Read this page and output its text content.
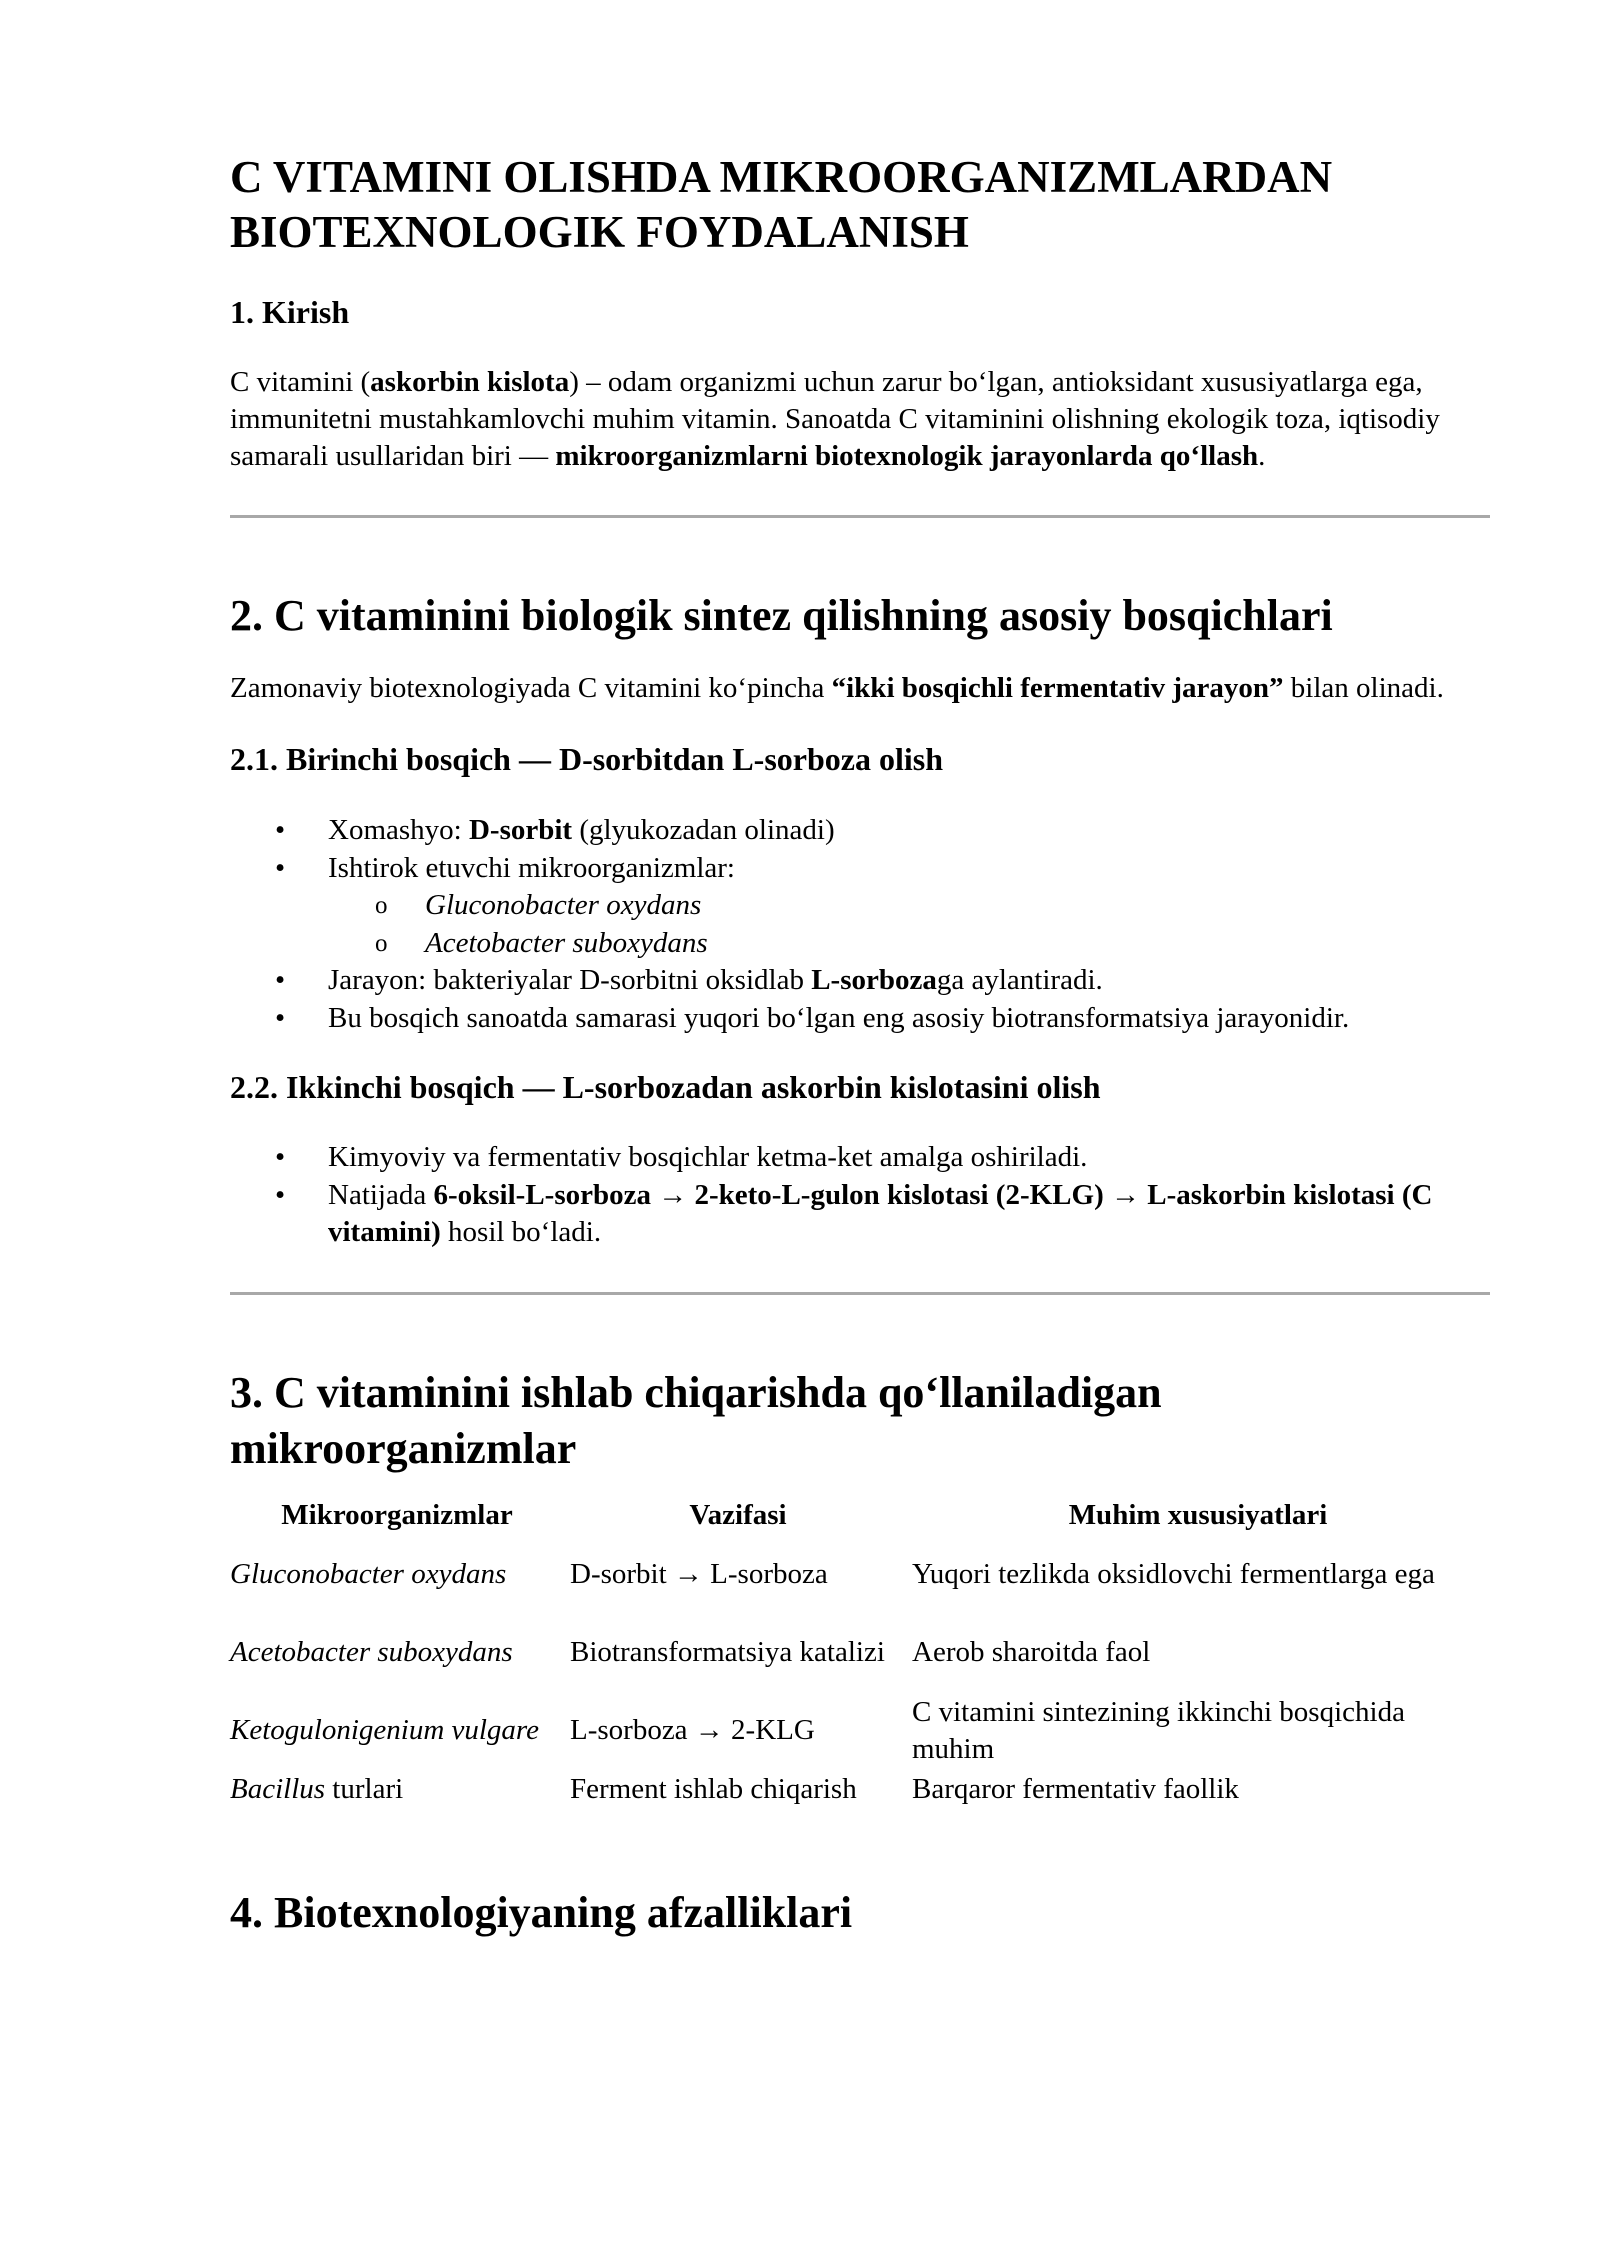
C VITAMINI OLISHDA MIKROORGANIZMLARDAN
BIOTEXNOLOGIK FOYDALANISH
1. Kirish

C vitamini (askorbin kislota) – odam organizmi uchun zarur bo‘lgan, antioksidant xususiyatlarga ega, immunitetni mustahkamlovchi muhim vitamin. Sanoatda C vitaminini olishning ekologik toza, iqtisodiy samarali usullaridan biri — mikroorganizmlarni biotexnologik jarayonlarda qo‘llash.

2. C vitaminini biologik sintez qilishning asosiy bosqichlari

Zamonaviy biotexnologiyada C vitamini ko‘pincha “ikki bosqichli fermentativ jarayon” bilan olinadi.

2.1. Birinchi bosqich — D-sorbitdan L-sorboza olish
• Xomashyo: D-sorbit (glyukozadan olinadi)
• Ishtirok etuvchi mikroorganizmlar:
o Gluconobacter oxydans
o Acetobacter suboxydans
• Jarayon: bakteriyalar D-sorbitni oksidlab L-sorbozaga aylantiradi.
• Bu bosqich sanoatda samarasi yuqori bo‘lgan eng asosiy biotransformatsiya jarayonidir.
2.2. Ikkinchi bosqich — L-sorbozadan askorbin kislotasini olish
• Kimyoviy va fermentativ bosqichlar ketma-ket amalga oshiriladi.
• Natijada 6-oksil-L-sorboza → 2-keto-L-gulon kislotasi (2-KLG) → L-askorbin kislotasi (C vitamini) hosil bo‘ladi.
3. C vitaminini ishlab chiqarishda qo‘llaniladigan
mikroorganizmlar
Mikroorganizmlar	Vazifasi	Muhim xususiyatlari
Gluconobacter oxydans	D-sorbit → L-sorboza	Yuqori tezlikda oksidlovchi fermentlarga ega
Acetobacter suboxydans	Biotransformatsiya katalizi	Aerob sharoitda faol
Ketogulonigenium vulgare	L-sorboza → 2-KLG	C vitamini sintezining ikkinchi bosqichida muhim
Bacillus turlari	Ferment ishlab chiqarish	Barqaror fermentativ faollik
4. Biotexnologiyaning afzalliklari
